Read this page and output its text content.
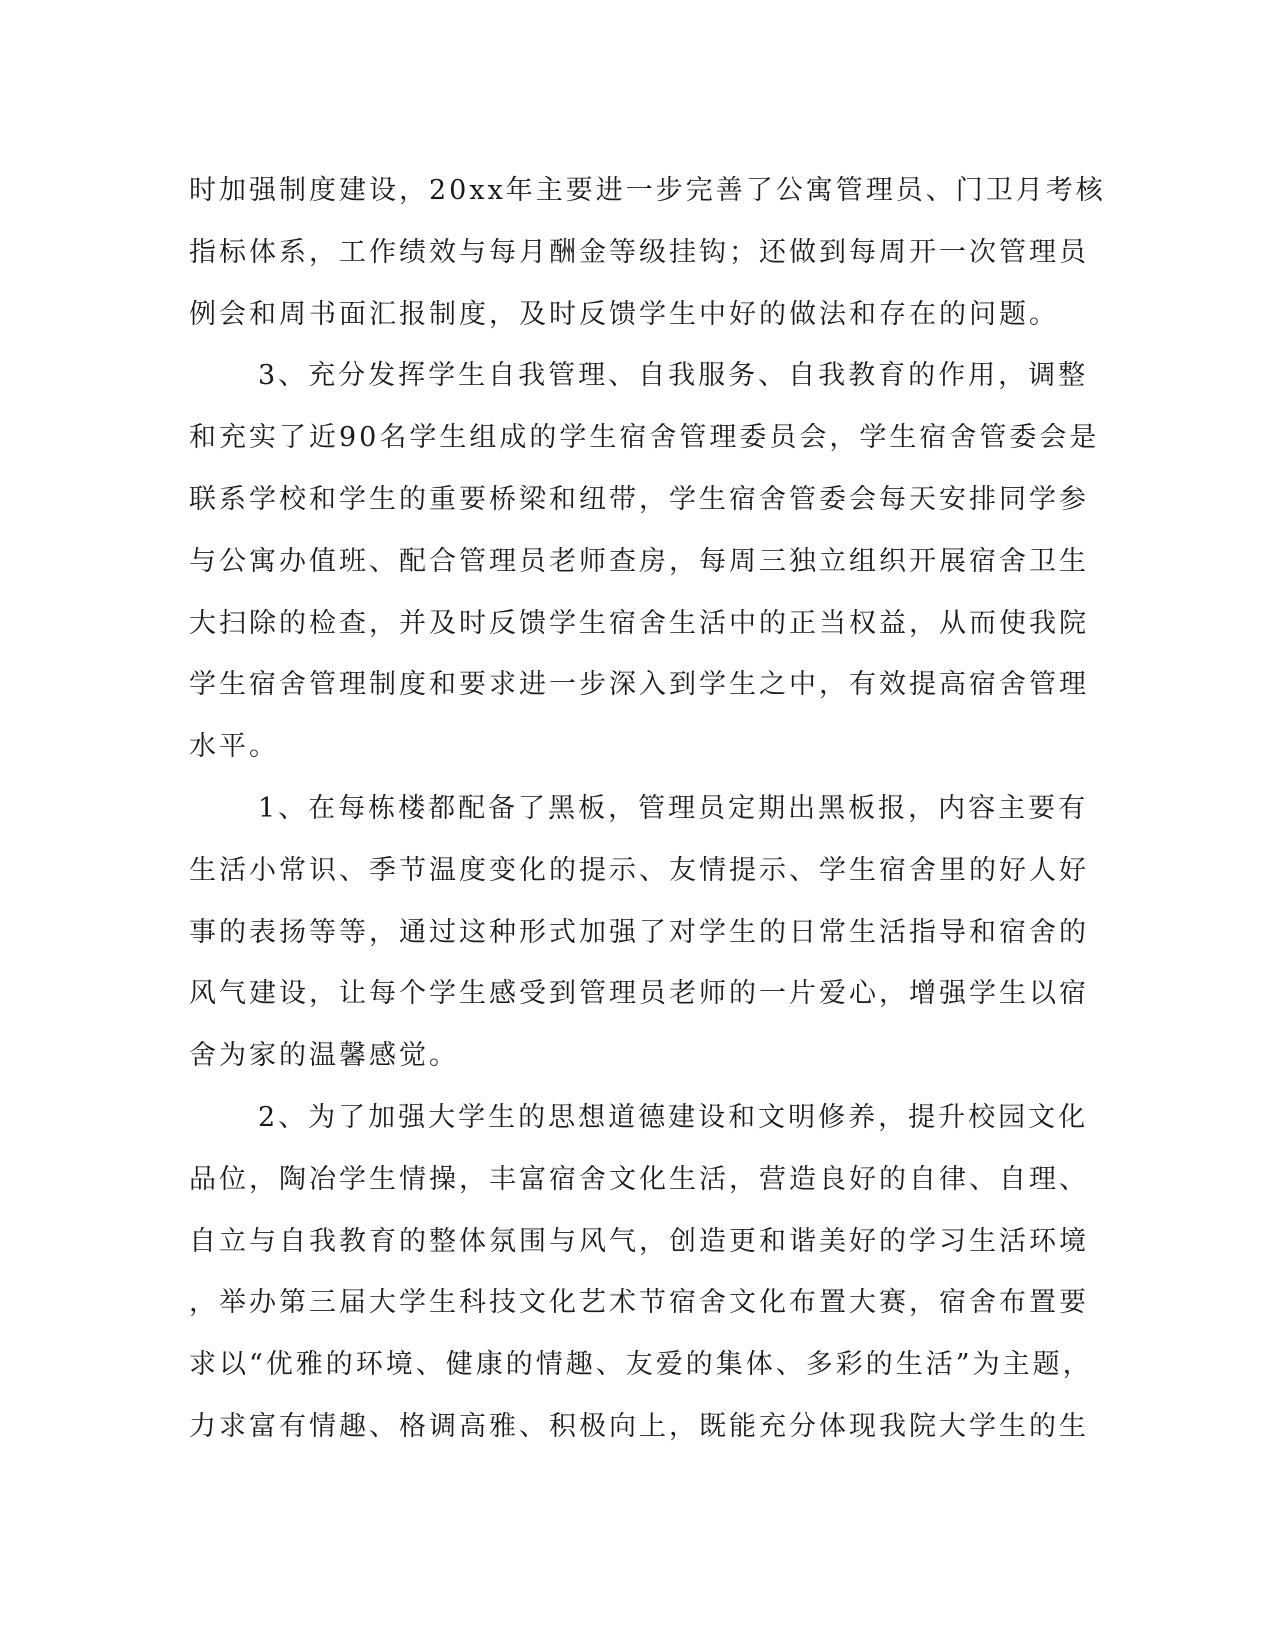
时加强制度建设，20xx年主要进一步完善了公寓管理员、门卫月考核
指标体系，工作绩效与每月酬金等级挂钩；还做到每周开一次管理员
例会和周书面汇报制度，及时反馈学生中好的做法和存在的问题。
3、充分发挥学生自我管理、自我服务、自我教育的作用，调整
和充实了近90名学生组成的学生宿舍管理委员会，学生宿舍管委会是
联系学校和学生的重要桥梁和纽带，学生宿舍管委会每天安排同学参
与公寓办值班、配合管理员老师查房，每周三独立组织开展宿舍卫生
大扫除的检查，并及时反馈学生宿舍生活中的正当权益，从而使我院
学生宿舍管理制度和要求进一步深入到学生之中，有效提高宿舍管理
水平。
1、在每栋楼都配备了黑板，管理员定期出黑板报，内容主要有
生活小常识、季节温度变化的提示、友情提示、学生宿舍里的好人好
事的表扬等等，通过这种形式加强了对学生的日常生活指导和宿舍的
风气建设，让每个学生感受到管理员老师的一片爱心，增强学生以宿
舍为家的温馨感觉。
2、为了加强大学生的思想道德建设和文明修养，提升校园文化
品位，陶冶学生情操，丰富宿舍文化生活，营造良好的自律、自理、
自立与自我教育的整体氛围与风气，创造更和谐美好的学习生活环境
，举办第三届大学生科技文化艺术节宿舍文化布置大赛，宿舍布置要
求以“优雅的环境、健康的情趣、友爱的集体、多彩的生活”为主题，
力求富有情趣、格调高雅、积极向上，既能充分体现我院大学生的生
